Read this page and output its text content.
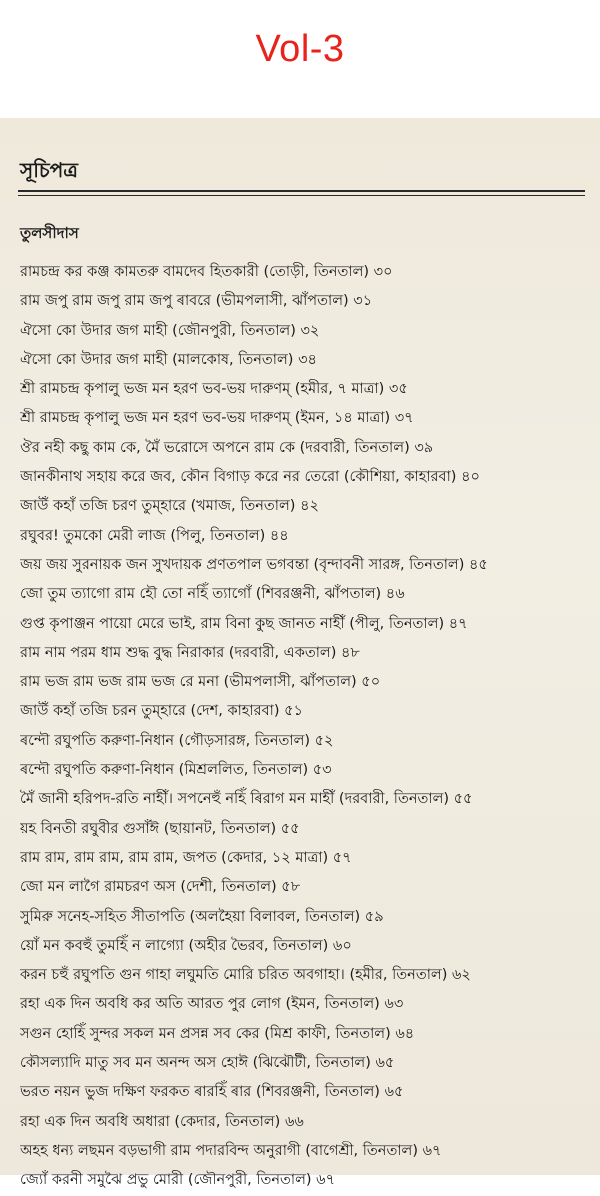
Vol-3
সূচিপত্র
তুলসীদাস
রামচন্দ্র কর কঞ্জ কামতরু বামদেব হিতকারী (তোড়ী, তিনতাল) ৩০
রাম জপু রাম জপু রাম জপু ৰাবরে (ভীমপলাসী, ঝাঁপতাল) ৩১
ঐসো কো উদার জগ মাহী (জৌনপুরী, তিনতাল) ৩২
ঐসো কো উদার জগ মাহী (মালকোষ, তিনতাল) ৩৪
শ্রী রামচন্দ্র কৃপালু ভজ মন হরণ ভব-ভয় দারুণম্ (হমীর, ৭ মাত্রা) ৩৫
শ্রী রামচন্দ্র কৃপালু ভজ মন হরণ ভব-ভয় দারুণম্ (ইমন, ১৪ মাত্রা) ৩৭
ঔর নহী কছু কাম কে, মৈঁ ভরোসে অপনে রাম কে (দরবারী, তিনতাল) ৩৯
জানকীনাথ সহায় করে জব, কৌন বিগাড় করে নর তেরো (কৌশিয়া, কাহারবা) ৪০
জাউঁ কহাঁ তজি চরণ তুম্হারে (খমাজ, তিনতাল) ৪২
রঘুবর! তুমকো মেরী লাজ (পিলু, তিনতাল) ৪৪
জয় জয় সুরনায়ক জন সুখদায়ক প্রণতপাল ভগবন্তা (বৃন্দাবনী সারঙ্গ, তিনতাল) ৪৫
জো তুম ত্যাগো রাম হৌ তো নহিঁ ত্যাগোঁ (শিবরঞ্জনী, ঝাঁপতাল) ৪৬
গুপ্ত কৃপাঞ্জন পায়ো মেরে ভাই, রাম বিনা কুছ জানত নাহীঁ (পীলু, তিনতাল) ৪৭
রাম নাম পরম ধাম শুদ্ধ বুদ্ধ নিরাকার (দরবারী, একতাল) ৪৮
রাম ভজ রাম ভজ রাম ভজ রে মনা (ভীমপলাসী, ঝাঁপতাল) ৫০
জাউঁ কহাঁ তজি চরন তুম্হারে (দেশ, কাহারবা) ৫১
ৰন্দৌ রঘুপতি করুণা-নিধান (গৌড়সারঙ্গ, তিনতাল) ৫২
ৰন্দৌ রঘুপতি করুণা-নিধান (মিশ্রললিত, তিনতাল) ৫৩
মৈঁ জানী হরিপদ-রতি নাহীঁ। সপনেহুঁ নহিঁ ৰিরাগ মন মাহীঁ (দরবারী, তিনতাল) ৫৫
য়হ বিনতী রঘুবীর গুসাঁঈ (ছায়ানট, তিনতাল) ৫৫
রাম রাম, রাম রাম, রাম রাম, জপত (কেদার, ১২ মাত্রা) ৫৭
জো মন লাগৈ রামচরণ অস (দেশী, তিনতাল) ৫৮
সুমিরু সনেহ-সহিত সীতাপতি (অলহৈয়া বিলাবল, তিনতাল) ৫৯
য়োঁ মন কবহুঁ তুমহিঁ ন লাগ্যো (অহীর ভৈরব, তিনতাল) ৬০
করন চহুঁ রঘুপতি গুন গাহা লঘুমতি মোরি চরিত অবগাহা। (হমীর, তিনতাল) ৬২
রহা এক দিন অবধি কর অতি আরত পুর লোগ (ইমন, তিনতাল) ৬৩
সগুন হোহিঁ সুন্দর সকল মন প্রসন্ন সব কের (মিশ্র কাফী, তিনতাল) ৬৪
কৌসল্যাদি মাতু সব মন অনন্দ অস হোঈ (ঝিঝৌটী, তিনতাল) ৬৫
ভরত নয়ন ভুজ দক্ষিণ ফরকত ৰারহিঁ ৰার (শিবরঞ্জনী, তিনতাল) ৬৫
রহা এক দিন অবধি অধারা (কেদার, তিনতাল) ৬৬
অহহ ধন্য লছমন বড়ভাগী রাম পদারবিন্দ অনুরাগী (বাগেশ্রী, তিনতাল) ৬৭
জ্যোঁ করনী সমুঝৈ প্রভু মোরী (জৌনপুরী, তিনতাল) ৬৭
